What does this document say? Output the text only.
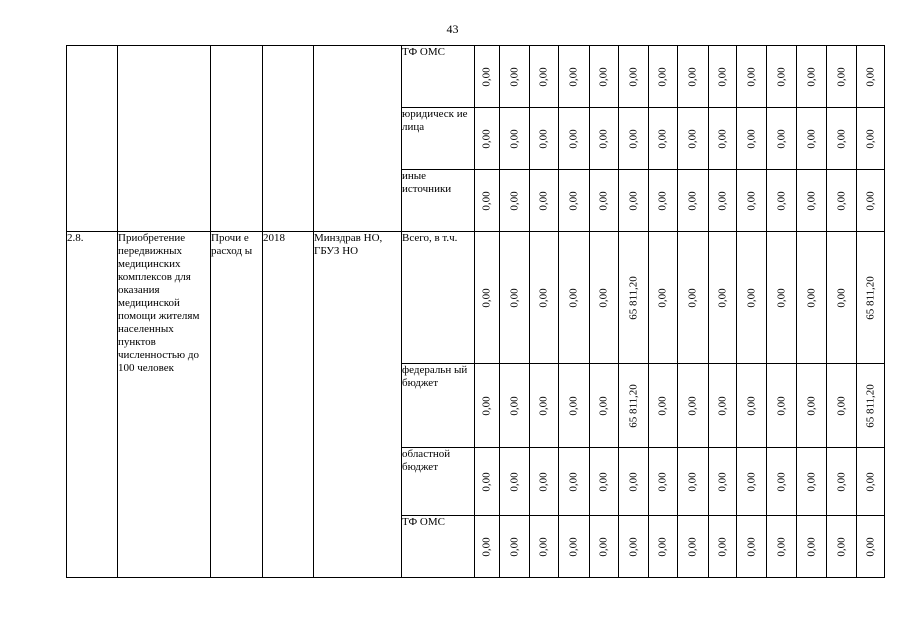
43
					ТФ ОМС	0,00	0,00	0,00	0,00	0,00	0,00	0,00	0,00	0,00	0,00	0,00	0,00	0,00	0,00

					юридическ ие лица	0,00	0,00	0,00	0,00	0,00	0,00	0,00	0,00	0,00	0,00	0,00	0,00	0,00	0,00

					иные источники	0,00	0,00	0,00	0,00	0,00	0,00	0,00	0,00	0,00	0,00	0,00	0,00	0,00	0,00

2.8.	Приобретение передвижных медицинских комплексов для оказания медицинской помощи жителям населенных пунктов численностью до 100 человек	Прочи е расход ы	2018	Минздрав НО, ГБУЗ НО	Всего, в т.ч.	0,00	0,00	0,00	0,00	0,00	65 811,20	0,00	0,00	0,00	0,00	0,00	0,00	0,00	65 811,20

					федеральн ый бюджет	0,00	0,00	0,00	0,00	0,00	65 811,20	0,00	0,00	0,00	0,00	0,00	0,00	0,00	65 811,20

					областной бюджет	0,00	0,00	0,00	0,00	0,00	0,00	0,00	0,00	0,00	0,00	0,00	0,00	0,00	0,00

					ТФ ОМС	0,00	0,00	0,00	0,00	0,00	0,00	0,00	0,00	0,00	0,00	0,00	0,00	0,00	0,00
